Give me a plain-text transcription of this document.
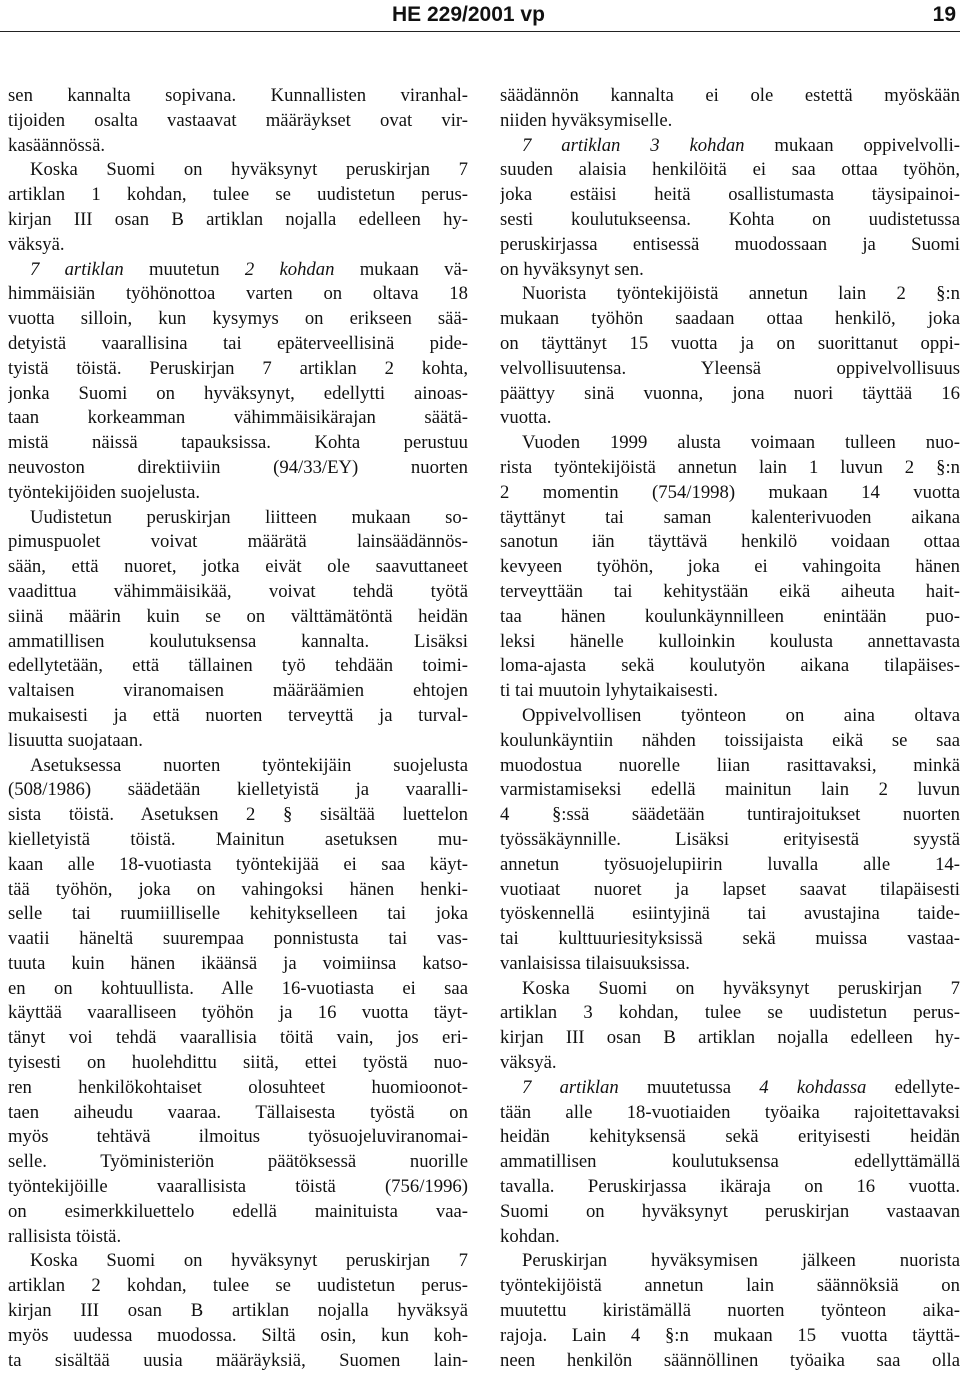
HE 229/2001 vp	19
sen kannalta sopivana. Kunnallisten viranhal-
tijoiden osalta vastaavat määräykset ovat vir-
kasäännössä.
Koska Suomi on hyväksynyt peruskirjan 7
artiklan 1 kohdan, tulee se uudistetun perus-
kirjan III osan B artiklan nojalla edelleen hy-
väksyä.
7 artiklan muutetun 2 kohdan mukaan vä-
himmäisiän työhönottoa varten on oltava 18
vuotta silloin, kun kysymys on erikseen sää-
detyistä vaarallisina tai epäterveellisinä pide-
tyistä töistä. Peruskirjan 7 artiklan 2 kohta,
jonka Suomi on hyväksynyt, edellytti ainoas-
taan korkeamman vähimmäisikärajan säätä-
mistä näissä tapauksissa. Kohta perustuu
neuvoston direktiiviin (94/33/EY) nuorten
työntekijöiden suojelusta.
Uudistetun peruskirjan liitteen mukaan so-
pimuspuolet voivat määrätä lainsäädännös-
sään, että nuoret, jotka eivät ole saavuttaneet
vaadittua vähimmäisikää, voivat tehdä työtä
siinä määrin kuin se on välttämätöntä heidän
ammatillisen koulutuksensa kannalta. Lisäksi
edellytetään, että tällainen työ tehdään toimi-
valtaisen viranomaisen määräämien ehtojen
mukaisesti ja että nuorten terveyttä ja turval-
lisuutta suojataan.
Asetuksessa nuorten työntekijäin suojelusta
(508/1986) säädetään kielletyistä ja vaaralli-
sista töistä. Asetuksen 2 § sisältää luettelon
kielletyistä töistä. Mainitun asetuksen mu-
kaan alle 18-vuotiasta työntekijää ei saa käyt-
tää työhön, joka on vahingoksi hänen henki-
selle tai ruumiilliselle kehitykselleen tai joka
vaatii häneltä suurempaa ponnistusta tai vas-
tuuta kuin hänen ikäänsä ja voimiinsa katso-
en on kohtuullista. Alle 16-vuotiasta ei saa
käyttää vaaralliseen työhön ja 16 vuotta täyt-
tänyt voi tehdä vaarallisia töitä vain, jos eri-
tyisesti on huolehdittu siitä, ettei työstä nuo-
ren henkilökohtaiset olosuhteet huomioonot-
taen aiheudu vaaraa. Tällaisesta työstä on
myös tehtävä ilmoitus työsuojeluviranomai-
selle. Työministeriön päätöksessä nuorille
työntekijöille vaarallisista töistä (756/1996)
on esimerkkiluettelo edellä mainituista vaa-
rallisista töistä.
Koska Suomi on hyväksynyt peruskirjan 7
artiklan 2 kohdan, tulee se uudistetun perus-
kirjan III osan B artiklan nojalla hyväksyä
myös uudessa muodossa. Siltä osin, kun koh-
ta sisältää uusia määräyksiä, Suomen lain-
säädännön kannalta ei ole estettä myöskään
niiden hyväksymiselle.
7 artiklan 3 kohdan mukaan oppivelvolli-
suuden alaisia henkilöitä ei saa ottaa työhön,
joka estäisi heitä osallistumasta täysipainoi-
sesti koulutukseensa. Kohta on uudistetussa
peruskirjassa entisessä muodossaan ja Suomi
on hyväksynyt sen.
Nuorista työntekijöistä annetun lain 2 §:n
mukaan työhön saadaan ottaa henkilö, joka
on täyttänyt 15 vuotta ja on suorittanut oppi-
velvollisuutensa. Yleensä oppivelvollisuus
päättyy sinä vuonna, jona nuori täyttää 16
vuotta.
Vuoden 1999 alusta voimaan tulleen nuo-
rista työntekijöistä annetun lain 1 luvun 2 §:n
2 momentin (754/1998) mukaan 14 vuotta
täyttänyt tai saman kalenterivuoden aikana
sanotun iän täyttävä henkilö voidaan ottaa
kevyeen työhön, joka ei vahingoita hänen
terveyttään tai kehitystään eikä aiheuta hait-
taa hänen koulunkäynnilleen enintään puo-
leksi hänelle kulloinkin koulusta annettavasta
loma-ajasta sekä koulutyön aikana tilapäises-
ti tai muutoin lyhytaikaisesti.
Oppivelvollisen työnteon on aina oltava
koulunkäyntiin nähden toissijaista eikä se saa
muodostua nuorelle liian rasittavaksi, minkä
varmistamiseksi edellä mainitun lain 2 luvun
4 §:ssä säädetään tuntirajoitukset nuorten
työssäkäynnille. Lisäksi erityisestä syystä
annetun työsuojelupiirin luvalla alle 14-
vuotiaat nuoret ja lapset saavat tilapäisesti
työskennellä esiintyjinä tai avustajina taide-
tai kulttuuriesityksissä sekä muissa vastaa-
vanlaisissa tilaisuuksissa.
Koska Suomi on hyväksynyt peruskirjan 7
artiklan 3 kohdan, tulee se uudistetun perus-
kirjan III osan B artiklan nojalla edelleen hy-
väksyä.
7 artiklan muutetussa 4 kohdassa edellyte-
tään alle 18-vuotiaiden työaika rajoitettavaksi
heidän kehityksensä sekä erityisesti heidän
ammatillisen koulutuksensa edellyttämällä
tavalla. Peruskirjassa ikäraja on 16 vuotta.
Suomi on hyväksynyt peruskirjan vastaavan
kohdan.
Peruskirjan hyväksymisen jälkeen nuorista
työntekijöistä annetun lain säännöksiä on
muutettu kiristämällä nuorten työnteon aika-
rajoja. Lain 4 §:n mukaan 15 vuotta täyttä-
neen henkilön säännöllinen työaika saa olla
